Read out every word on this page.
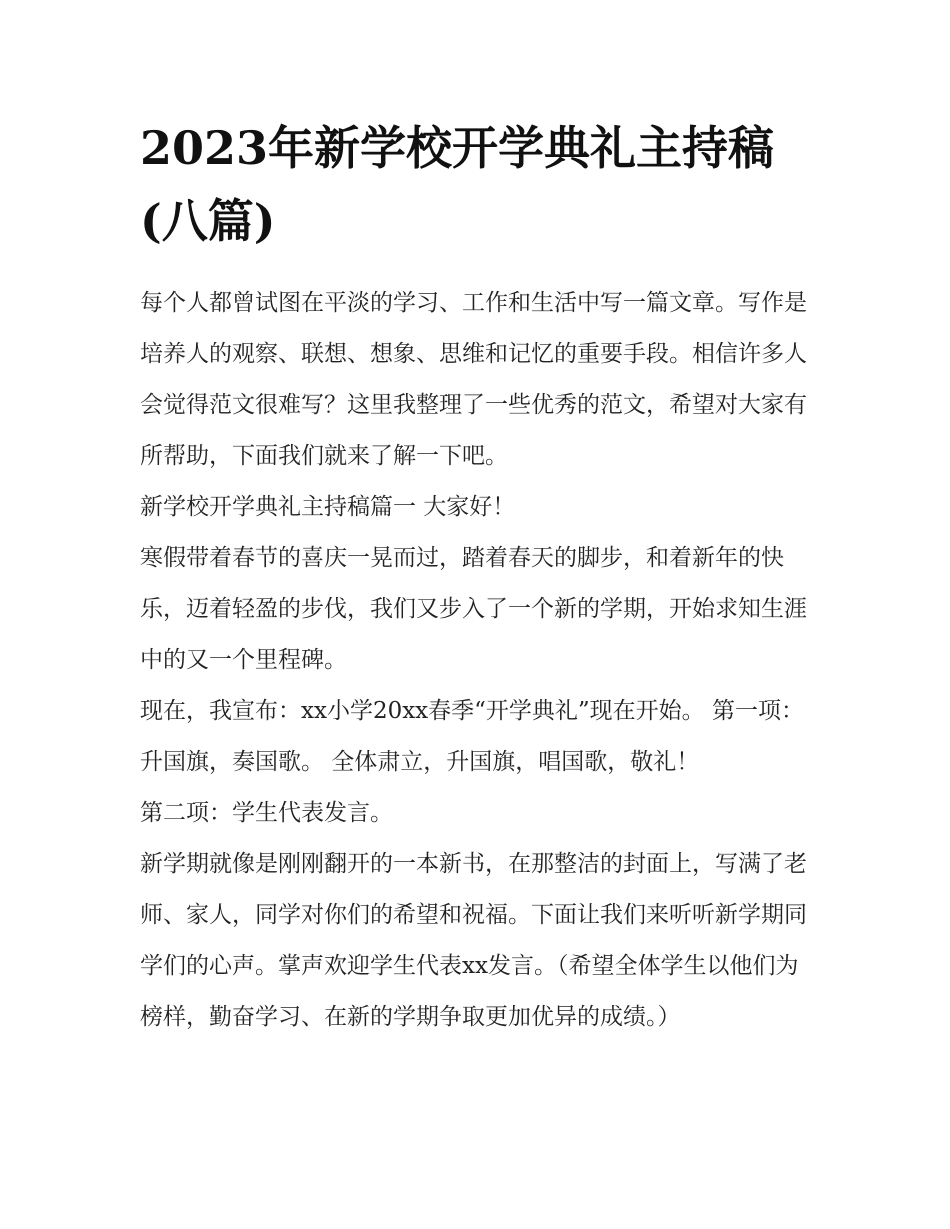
2023年新学校开学典礼主持稿(八篇)

每个人都曾试图在平淡的学习、工作和生活中写一篇文章。写作是培养人的观察、联想、想象、思维和记忆的重要手段。相信许多人会觉得范文很难写？这里我整理了一些优秀的范文，希望对大家有所帮助，下面我们就来了解一下吧。

新学校开学典礼主持稿篇一 大家好！

寒假带着春节的喜庆一晃而过，踏着春天的脚步，和着新年的快乐，迈着轻盈的步伐，我们又步入了一个新的学期，开始求知生涯中的又一个里程碑。

现在，我宣布：xx小学20xx春季“开学典礼”现在开始。 第一项：升国旗，奏国歌。 全体肃立，升国旗，唱国歌，敬礼！

第二项：学生代表发言。

新学期就像是刚刚翻开的一本新书，在那整洁的封面上，写满了老师、家人，同学对你们的希望和祝福。下面让我们来听听新学期同学们的心声。掌声欢迎学生代表xx发言。（希望全体学生以他们为榜样，勤奋学习、在新的学期争取更加优异的成绩。）
